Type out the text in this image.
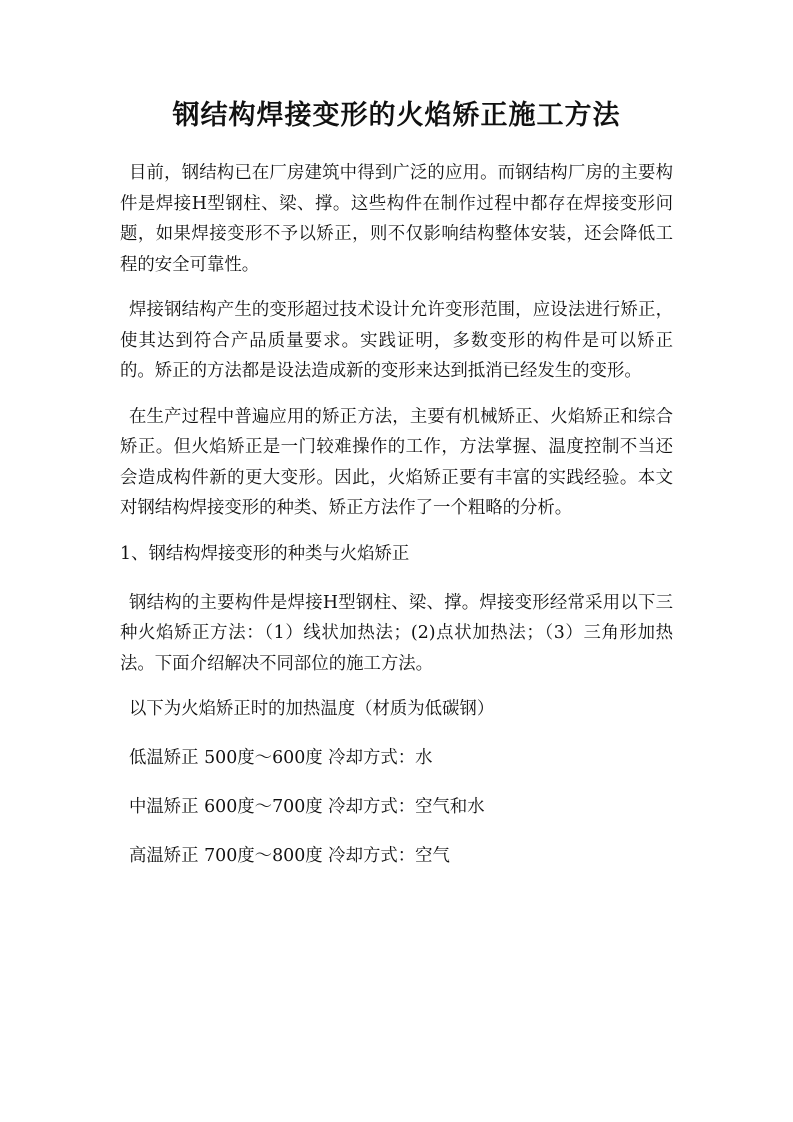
钢结构焊接变形的火焰矫正施工方法

目前，钢结构已在厂房建筑中得到广泛的应用。而钢结构厂房的主要构件是焊接H型钢柱、梁、撑。这些构件在制作过程中都存在焊接变形问题，如果焊接变形不予以矫正，则不仅影响结构整体安装，还会降低工程的安全可靠性。

焊接钢结构产生的变形超过技术设计允许变形范围，应设法进行矫正，使其达到符合产品质量要求。实践证明，多数变形的构件是可以矫正的。矫正的方法都是设法造成新的变形来达到抵消已经发生的变形。

在生产过程中普遍应用的矫正方法，主要有机械矫正、火焰矫正和综合矫正。但火焰矫正是一门较难操作的工作，方法掌握、温度控制不当还会造成构件新的更大变形。因此，火焰矫正要有丰富的实践经验。本文对钢结构焊接变形的种类、矫正方法作了一个粗略的分析。

1、钢结构焊接变形的种类与火焰矫正

钢结构的主要构件是焊接H型钢柱、梁、撑。焊接变形经常采用以下三种火焰矫正方法：（1）线状加热法；(2)点状加热法；（3）三角形加热法。下面介绍解决不同部位的施工方法。

以下为火焰矫正时的加热温度（材质为低碳钢）

低温矫正 500度～600度 冷却方式：水

中温矫正 600度～700度 冷却方式：空气和水

高温矫正 700度～800度 冷却方式：空气
